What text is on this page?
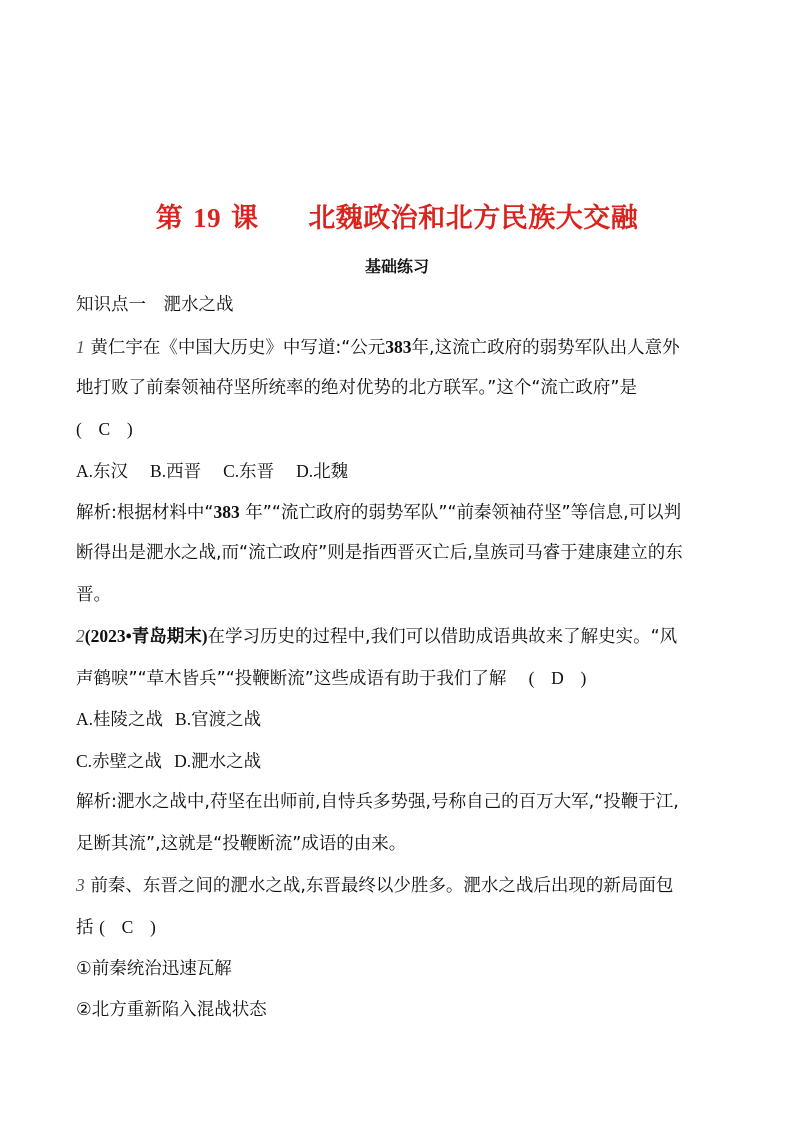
第 19 课 北魏政治和北方民族大交融
基础练习
知识点一　淝水之战
1 黄仁宇在《中国大历史》中写道:“公元383年,这流亡政府的弱势军队出人意外
地打败了前秦领袖苻坚所统率的绝对优势的北方联军。”这个“流亡政府”是
( C )
A.东汉 B.西晋 C.东晋 D.北魏
解析:根据材料中“383 年”“流亡政府的弱势军队”“前秦领袖苻坚”等信息,可以判
断得出是淝水之战,而“流亡政府”则是指西晋灭亡后,皇族司马睿于建康建立的东
晋。
2(2023•青岛期末)在学习历史的过程中,我们可以借助成语典故来了解史实。“风
声鹤唳”“草木皆兵”“投鞭断流”这些成语有助于我们了解 ( D )
A.桂陵之战 B.官渡之战
C.赤壁之战 D.淝水之战
解析:淝水之战中,苻坚在出师前,自恃兵多势强,号称自己的百万大军,“投鞭于江,
足断其流”,这就是“投鞭断流”成语的由来。
3 前秦、东晋之间的淝水之战,东晋最终以少胜多。淝水之战后出现的新局面包
括 ( C )
①前秦统治迅速瓦解
②北方重新陷入混战状态
